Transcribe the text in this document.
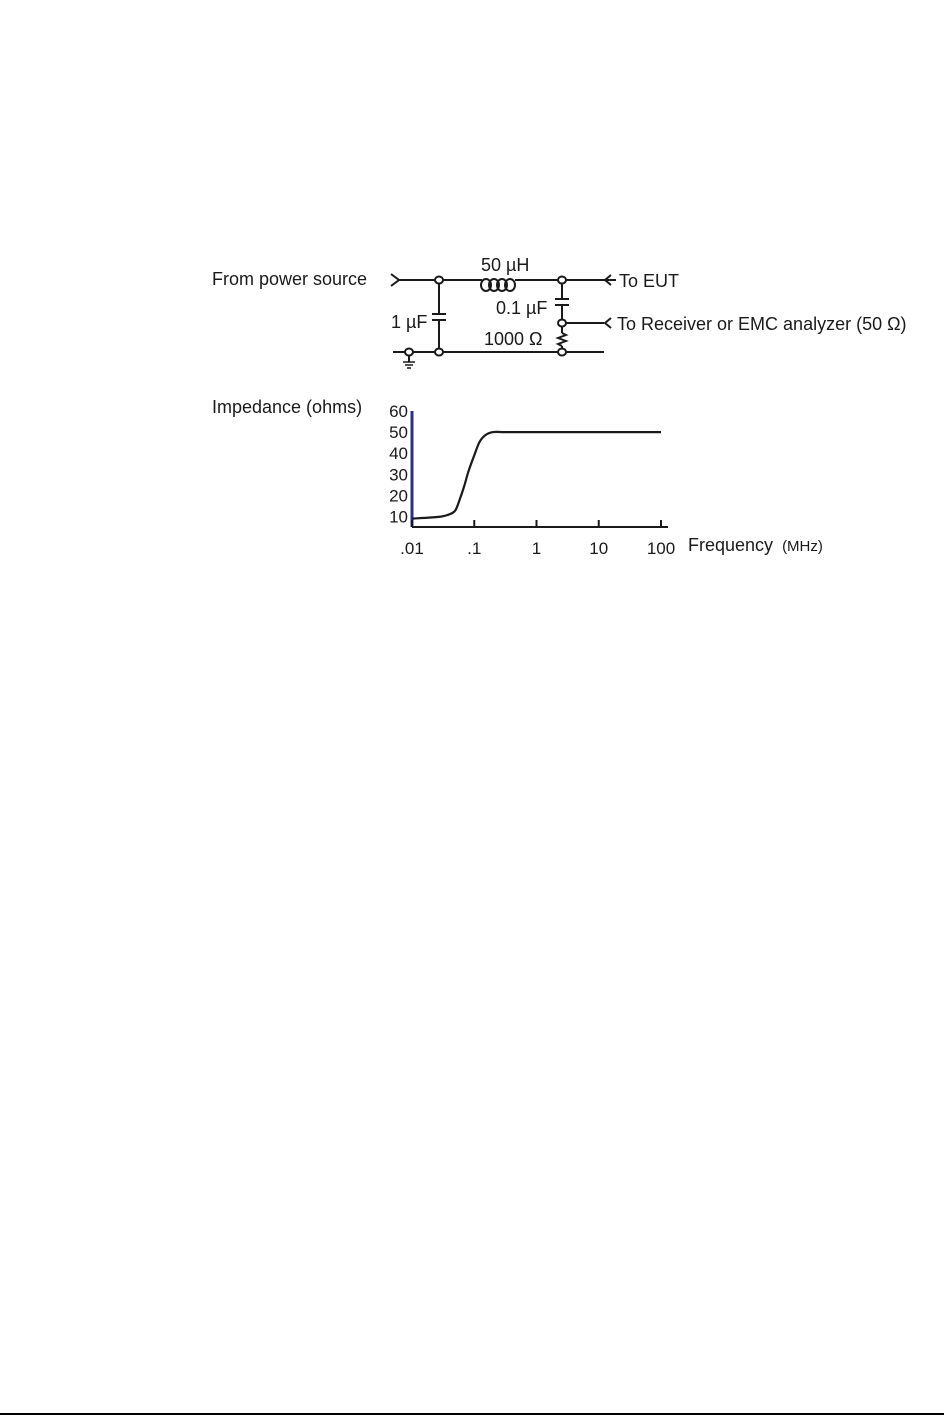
From power source
50 µH
1 µF
0.1 µF
1000 Ω
To EUT
To Receiver or EMC analyzer (50 Ω)
Impedance (ohms)
.01	.1	1	10 100
10
20
30
40
50
60
Frequency (MHz)
